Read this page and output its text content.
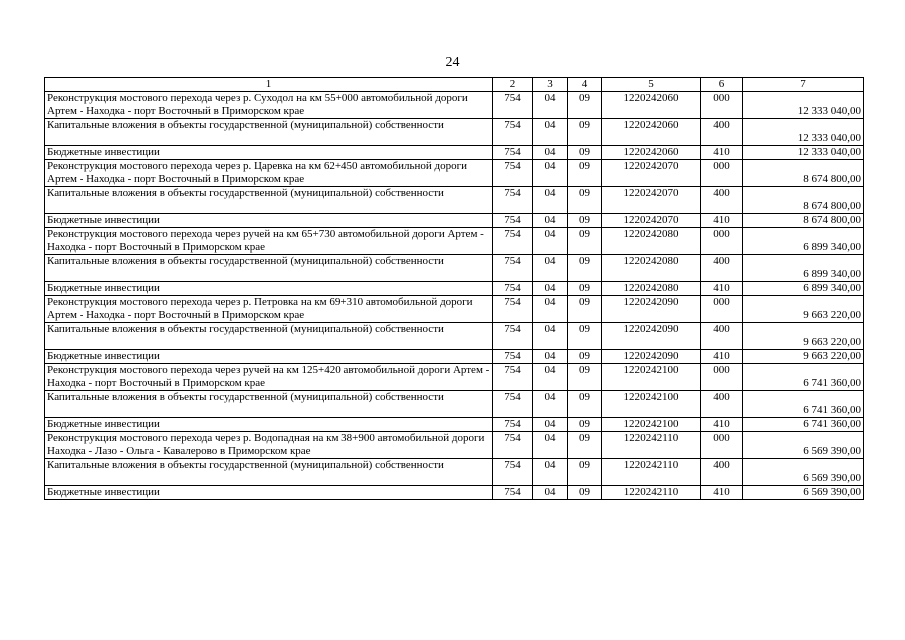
24
1	2	3	4	5	6	7
Реконструкция мостового перехода через р. Суходол на км 55+000 автомобильной дороги Артем - Находка - порт Восточный в Приморском крае	754	04	09	1220242060	000	12 333 040,00
Капитальные вложения в объекты государственной (муниципальной) собственности	754	04	09	1220242060	400	12 333 040,00
Бюджетные инвестиции	754	04	09	1220242060	410	12 333 040,00
Реконструкция мостового перехода через р. Царевка на км 62+450 автомобильной дороги Артем - Находка - порт Восточный в Приморском крае	754	04	09	1220242070	000	8 674 800,00
Капитальные вложения в объекты государственной (муниципальной) собственности	754	04	09	1220242070	400	8 674 800,00
Бюджетные инвестиции	754	04	09	1220242070	410	8 674 800,00
Реконструкция мостового перехода через ручей на км 65+730 автомобильной дороги Артем - Находка - порт Восточный в Приморском крае	754	04	09	1220242080	000	6 899 340,00
Капитальные вложения в объекты государственной (муниципальной) собственности	754	04	09	1220242080	400	6 899 340,00
Бюджетные инвестиции	754	04	09	1220242080	410	6 899 340,00
Реконструкция мостового перехода через р. Петровка на км 69+310 автомобильной дороги Артем - Находка - порт Восточный в Приморском крае	754	04	09	1220242090	000	9 663 220,00
Капитальные вложения в объекты государственной (муниципальной) собственности	754	04	09	1220242090	400	9 663 220,00
Бюджетные инвестиции	754	04	09	1220242090	410	9 663 220,00
Реконструкция мостового перехода через ручей на км 125+420 автомобильной дороги Артем - Находка - порт Восточный в Приморском крае	754	04	09	1220242100	000	6 741 360,00
Капитальные вложения в объекты государственной (муниципальной) собственности	754	04	09	1220242100	400	6 741 360,00
Бюджетные инвестиции	754	04	09	1220242100	410	6 741 360,00
Реконструкция мостового перехода через р. Водопадная на км 38+900 автомобильной дороги Находка - Лазо - Ольга - Кавалерово в Приморском крае	754	04	09	1220242110	000	6 569 390,00
Капитальные вложения в объекты государственной (муниципальной) собственности	754	04	09	1220242110	400	6 569 390,00
Бюджетные инвестиции	754	04	09	1220242110	410	6 569 390,00
